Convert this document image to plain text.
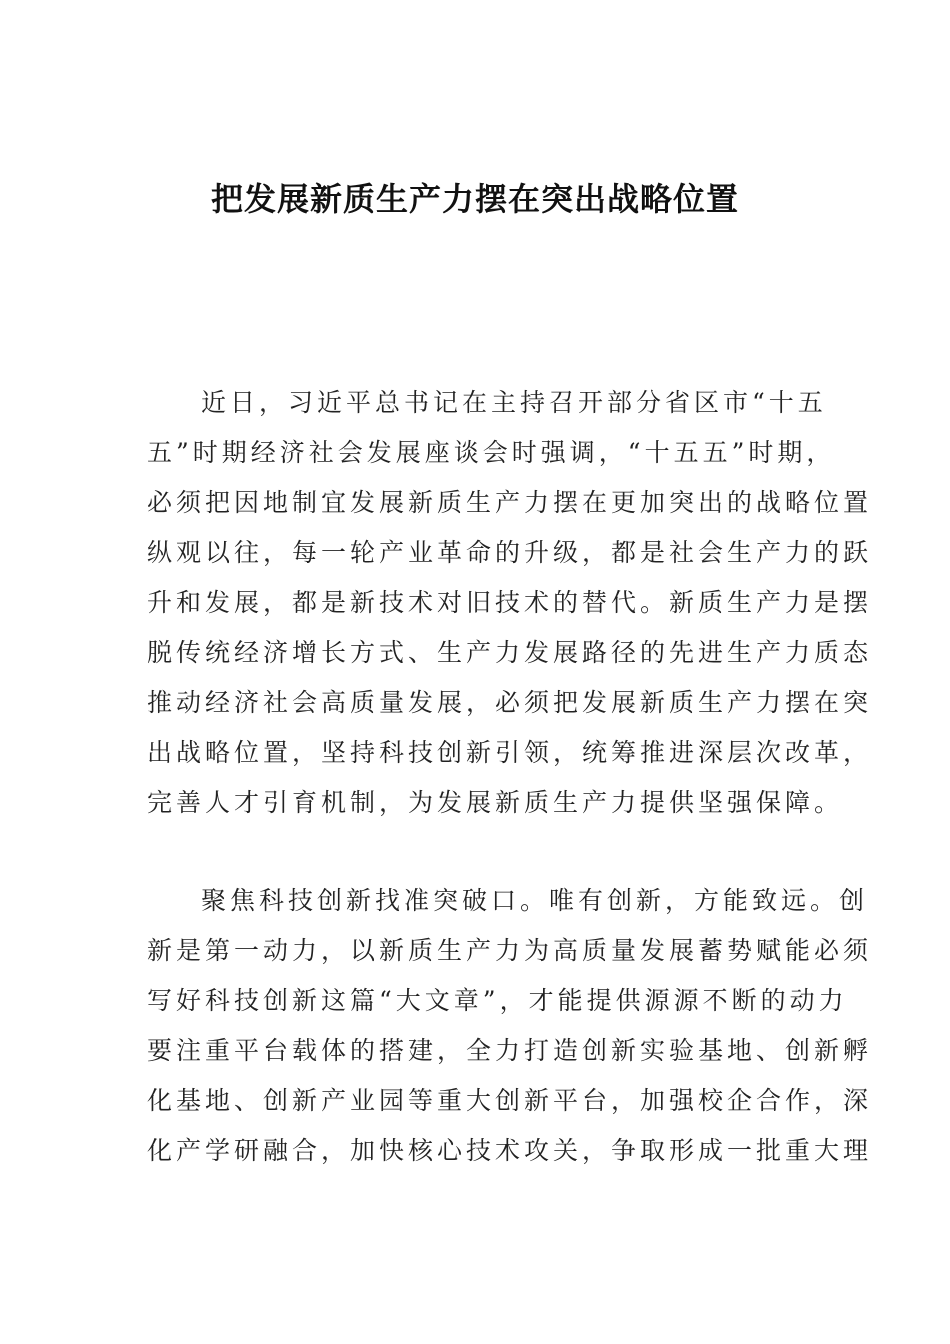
把发展新质生产力摆在突出战略位置

近日，习近平总书记在主持召开部分省区市“十五
五”时期经济社会发展座谈会时强调，“十五五”时期，
必须把因地制宜发展新质生产力摆在更加突出的战略位置
纵观以往，每一轮产业革命的升级，都是社会生产力的跃
升和发展，都是新技术对旧技术的替代。新质生产力是摆
脱传统经济增长方式、生产力发展路径的先进生产力质态
推动经济社会高质量发展，必须把发展新质生产力摆在突
出战略位置，坚持科技创新引领，统筹推进深层次改革，
完善人才引育机制，为发展新质生产力提供坚强保障。

聚焦科技创新找准突破口。唯有创新，方能致远。创
新是第一动力，以新质生产力为高质量发展蓄势赋能必须
写好科技创新这篇“大文章”，才能提供源源不断的动力
要注重平台载体的搭建，全力打造创新实验基地、创新孵
化基地、创新产业园等重大创新平台，加强校企合作，深
化产学研融合，加快核心技术攻关，争取形成一批重大理
